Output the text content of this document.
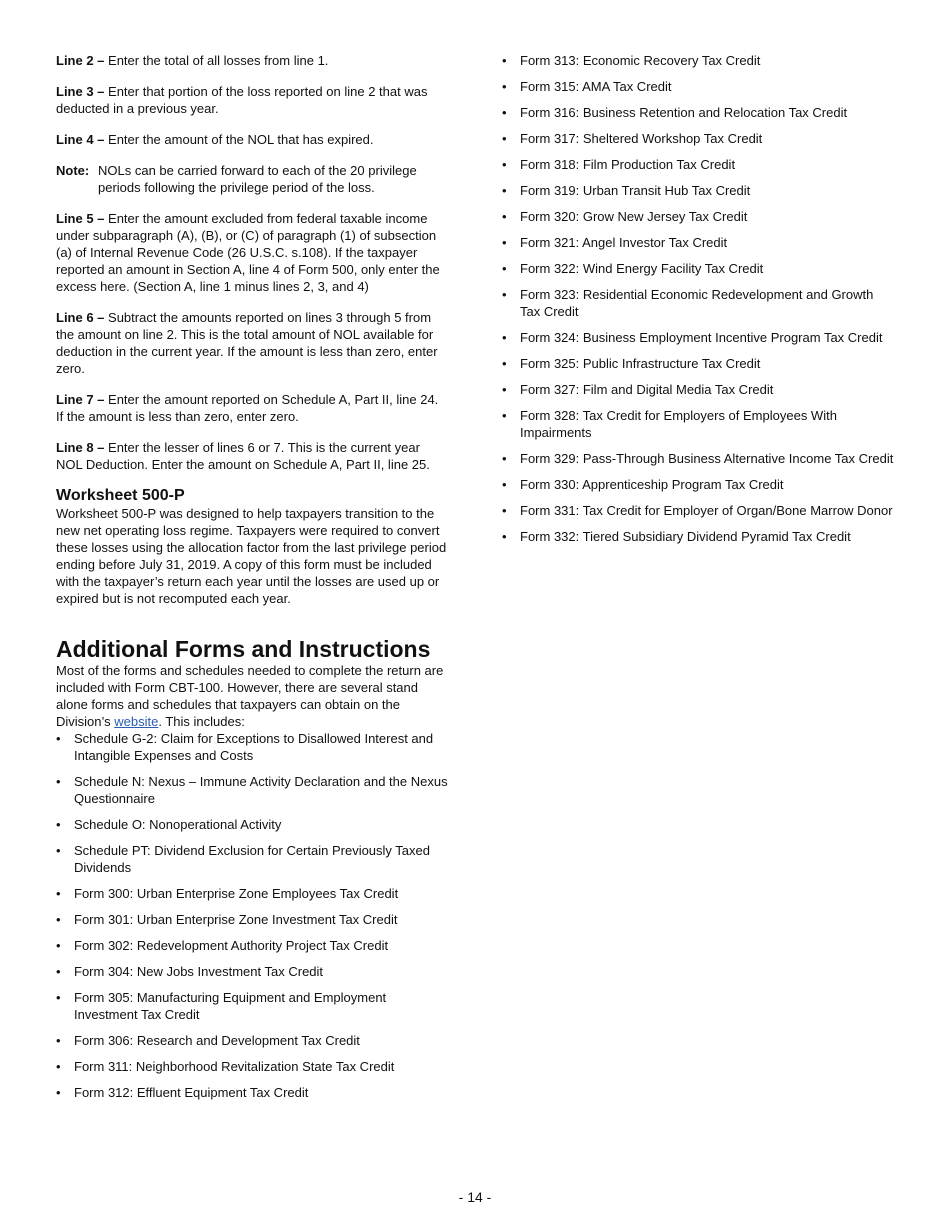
Line 2 – Enter the total of all losses from line 1.

Line 3 – Enter that portion of the loss reported on line 2 that was deducted in a previous year.

Line 4 – Enter the amount of the NOL that has expired.

Note: NOLs can be carried forward to each of the 20 privilege periods following the privilege period of the loss.

Line 5 – Enter the amount excluded from federal taxable income under subparagraph (A), (B), or (C) of paragraph (1) of subsection (a) of Internal Revenue Code (26 U.S.C. s.108). If the taxpayer reported an amount in Section A, line 4 of Form 500, only enter the excess here. (Section A, line 1 minus lines 2, 3, and 4)

Line 6 – Subtract the amounts reported on lines 3 through 5 from the amount on line 2. This is the total amount of NOL available for deduction in the current year. If the amount is less than zero, enter zero.

Line 7 – Enter the amount reported on Schedule A, Part II, line 24. If the amount is less than zero, enter zero.

Line 8 – Enter the lesser of lines 6 or 7. This is the current year NOL Deduction. Enter the amount on Schedule A, Part II, line 25.

Worksheet 500-P

Worksheet 500-P was designed to help taxpayers transition to the new net operating loss regime. Taxpayers were required to convert these losses using the allocation factor from the last privilege period ending before July 31, 2019. A copy of this form must be included with the taxpayer’s return each year until the losses are used up or expired but is not recomputed each year.

Additional Forms and Instructions

Most of the forms and schedules needed to complete the return are included with Form CBT-100. However, there are several stand alone forms and schedules that taxpayers can obtain on the Division’s website. This includes:

• Schedule G-2: Claim for Exceptions to Disallowed Interest and Intangible Expenses and Costs
• Schedule N: Nexus – Immune Activity Declaration and the Nexus Questionnaire
• Schedule O: Nonoperational Activity
• Schedule PT: Dividend Exclusion for Certain Previously Taxed Dividends
• Form 300: Urban Enterprise Zone Employees Tax Credit
• Form 301: Urban Enterprise Zone Investment Tax Credit
• Form 302: Redevelopment Authority Project Tax Credit
• Form 304: New Jobs Investment Tax Credit
• Form 305: Manufacturing Equipment and Employment Investment Tax Credit
• Form 306: Research and Development Tax Credit
• Form 311: Neighborhood Revitalization State Tax Credit
• Form 312: Effluent Equipment Tax Credit
• Form 313: Economic Recovery Tax Credit
• Form 315: AMA Tax Credit
• Form 316: Business Retention and Relocation Tax Credit
• Form 317: Sheltered Workshop Tax Credit
• Form 318: Film Production Tax Credit
• Form 319: Urban Transit Hub Tax Credit
• Form 320: Grow New Jersey Tax Credit
• Form 321: Angel Investor Tax Credit
• Form 322: Wind Energy Facility Tax Credit
• Form 323: Residential Economic Redevelopment and Growth Tax Credit
• Form 324: Business Employment Incentive Program Tax Credit
• Form 325: Public Infrastructure Tax Credit
• Form 327: Film and Digital Media Tax Credit
• Form 328: Tax Credit for Employers of Employees With Impairments
• Form 329: Pass-Through Business Alternative Income Tax Credit
• Form 330: Apprenticeship Program Tax Credit
• Form 331: Tax Credit for Employer of Organ/Bone Marrow Donor
• Form 332: Tiered Subsidiary Dividend Pyramid Tax Credit
- 14 -
